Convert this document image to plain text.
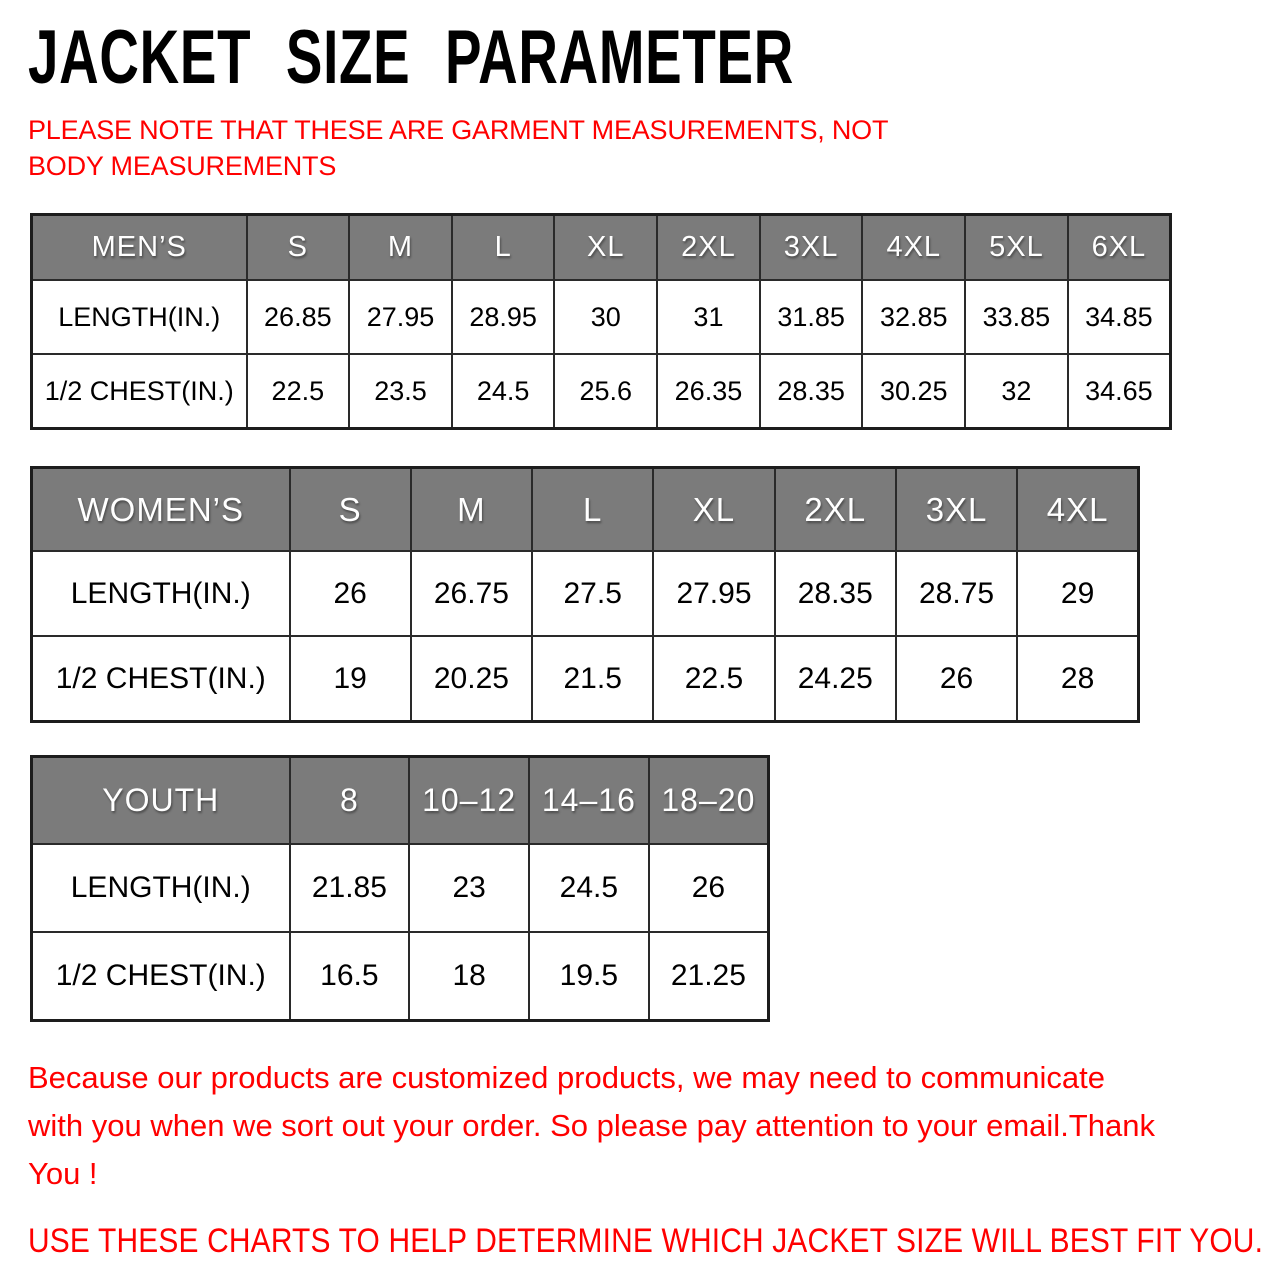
JACKET SIZE PARAMETER

PLEASE NOTE THAT THESE ARE GARMENT MEASUREMENTS, NOT BODY MEASUREMENTS

MEN’S	S	M	L	XL	2XL	3XL	4XL	5XL	6XL
LENGTH(IN.)	26.85	27.95	28.95	30	31	31.85	32.85	33.85	34.85
1/2 CHEST(IN.)	22.5	23.5	24.5	25.6	26.35	28.35	30.25	32	34.65
WOMEN’S	S	M	L	XL	2XL	3XL	4XL
LENGTH(IN.)	26	26.75	27.5	27.95	28.35	28.75	29
1/2 CHEST(IN.)	19	20.25	21.5	22.5	24.25	26	28
YOUTH	8	10–12	14–16	18–20
LENGTH(IN.)	21.85	23	24.5	26
1/2 CHEST(IN.)	16.5	18	19.5	21.25

Because our products are customized products, we may need to communicate with you when we sort out your order. So please pay attention to your email.Thank You !

USE THESE CHARTS TO HELP DETERMINE WHICH JACKET SIZE WILL BEST FIT YOU.
